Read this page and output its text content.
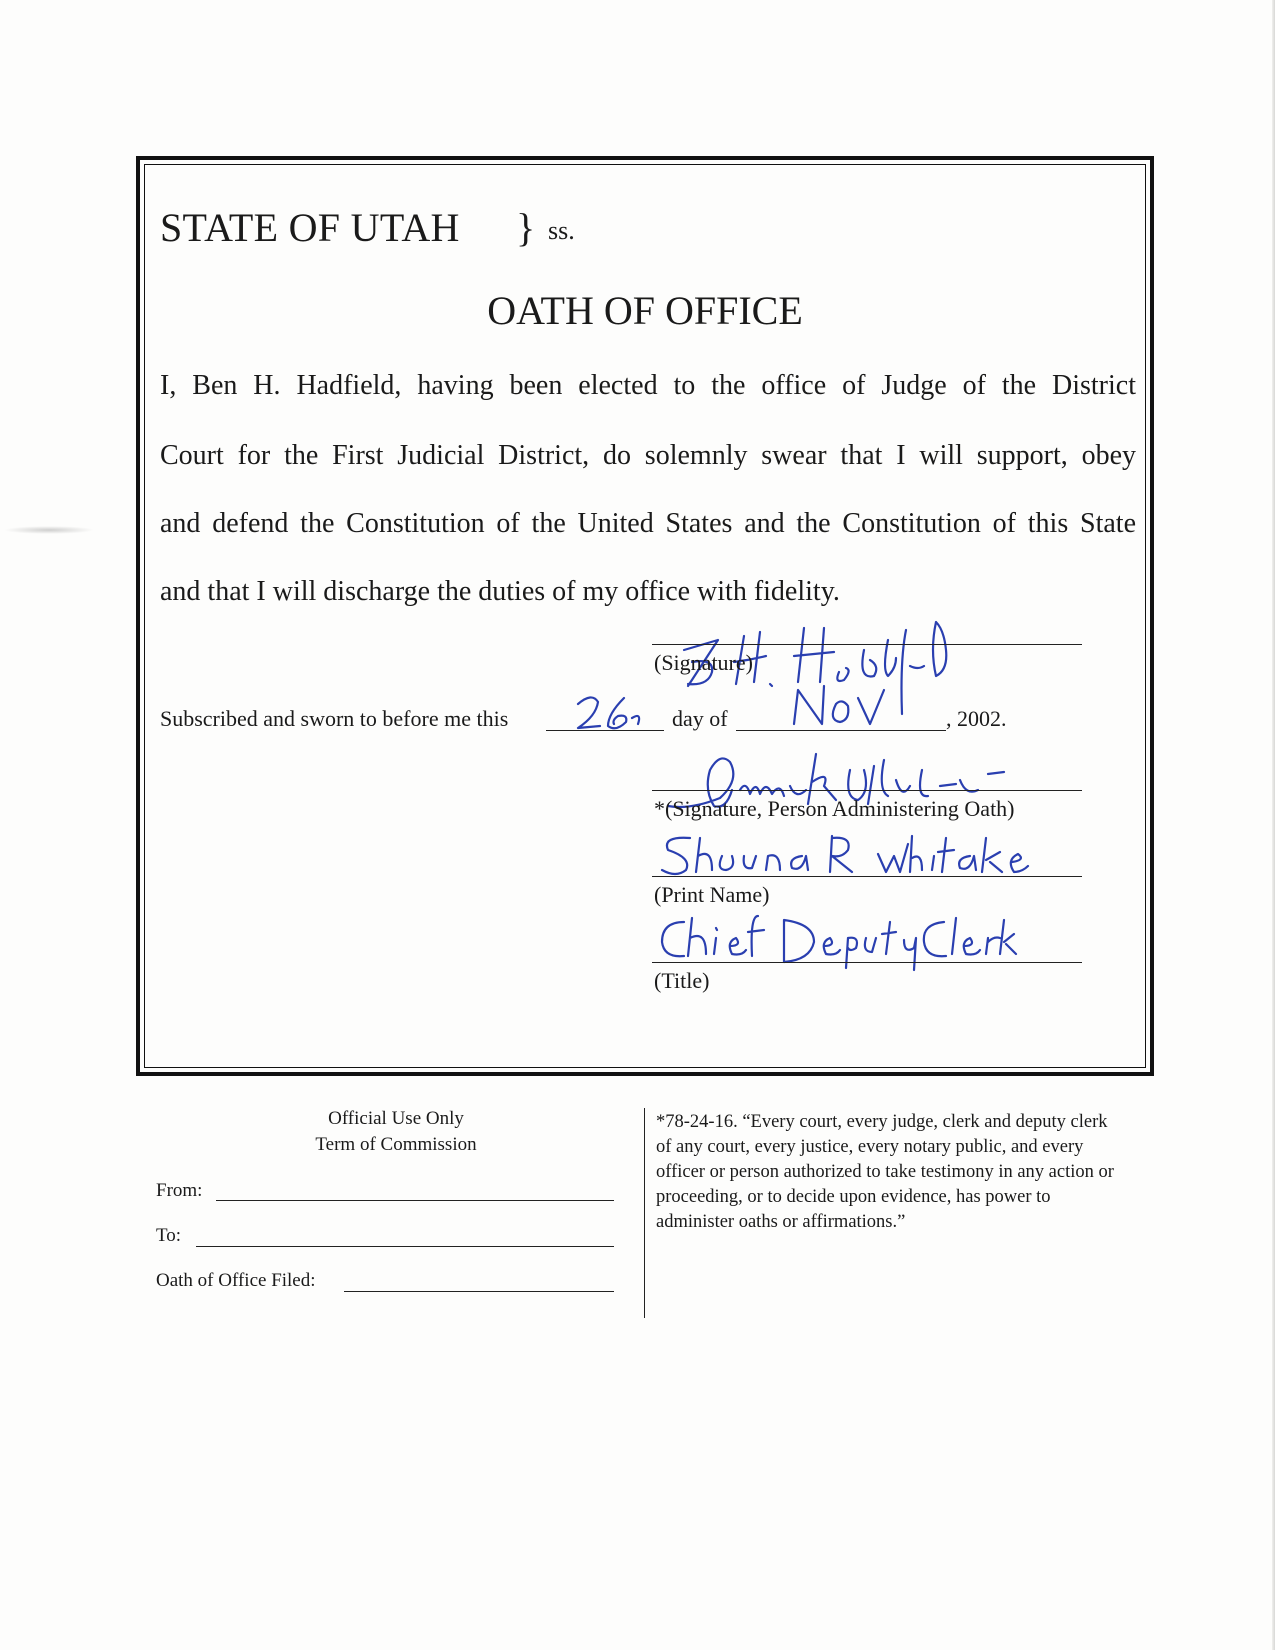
STATE OF UTAH } ss.
OATH OF OFFICE
I, Ben H. Hadfield, having been elected to the office of Judge of the District
Court for the First Judicial District, do solemnly swear that I will support, obey
and defend the Constitution of the United States and the Constitution of this State
and that I will discharge the duties of my office with fidelity.
(Signature)
Subscribed and sworn to before me this	day of	, 2002.
*(Signature, Person Administering Oath)
(Print Name)
(Title)
Official Use Only
Term of Commission
From:
To:
Oath of Office Filed:
*78-24-16. “Every court, every judge, clerk and deputy clerk of any court, every justice, every notary public, and every officer or person authorized to take testimony in any action or proceeding, or to decide upon evidence, has power to administer oaths or affirmations.”
